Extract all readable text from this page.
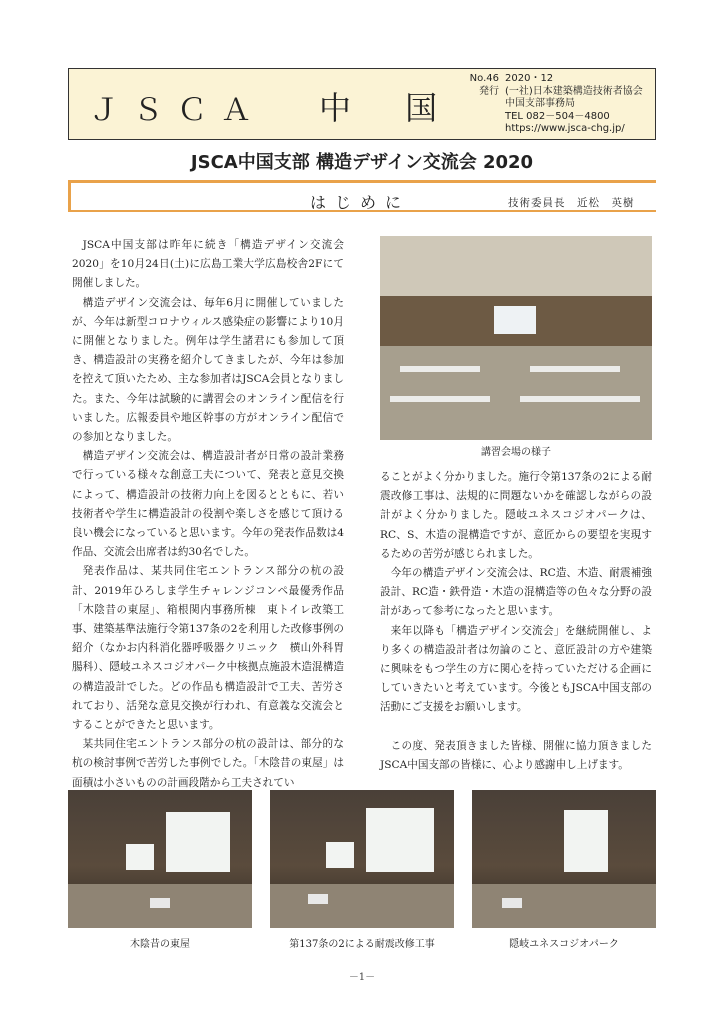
ＪＳＣＡ 中 国
No.46 2020・12
発行 (一社)日本建築構造技術者協会
中国支部事務局
TEL 082－504－4800
https://www.jsca-chg.jp/
JSCA中国支部 構造デザイン交流会 2020
はじめに	技術委員長　近松　英樹

JSCA中国支部は昨年に続き「構造デザイン交流会2020」を10月24日(土)に広島工業大学広島校舎2Fにて開催しました。

構造デザイン交流会は、毎年6月に開催していましたが、今年は新型コロナウィルス感染症の影響により10月に開催となりました。例年は学生諸君にも参加して頂き、構造設計の実務を紹介してきましたが、今年は参加を控えて頂いたため、主な参加者はJSCA会員となりました。また、今年は試験的に講習会のオンライン配信を行いました。広報委員や地区幹事の方がオンライン配信での参加となりました。

構造デザイン交流会は、構造設計者が日常の設計業務で行っている様々な創意工夫について、発表と意見交換によって、構造設計の技術力向上を図るとともに、若い技術者や学生に構造設計の役割や楽しさを感じて頂ける良い機会になっていると思います。今年の発表作品数は4作品、交流会出席者は約30名でした。

発表作品は、某共同住宅エントランス部分の杭の設計、2019年ひろしま学生チャレンジコンペ最優秀作品「木陰昔の東屋」、箱根関内事務所棟　東トイレ改築工事、建築基準法施行令第137条の2を利用した改修事例の紹介（なかお内科消化器呼吸器クリニック　横山外科胃腸科）、隠岐ユネスコジオパーク中核拠点施設木造混構造の構造設計でした。どの作品も構造設計で工夫、苦労されており、活発な意見交換が行われ、有意義な交流会とすることができたと思います。

某共同住宅エントランス部分の杭の設計は、部分的な杭の検討事例で苦労した事例でした。「木陰昔の東屋」は面積は小さいものの計画段階から工夫されてい

講習会場の様子

ることがよく分かりました。施行令第137条の2による耐震改修工事は、法規的に問題ないかを確認しながらの設計がよく分かりました。隠岐ユネスコジオパークは、RC、S、木造の混構造ですが、意匠からの要望を実現するための苦労が感じられました。

今年の構造デザイン交流会は、RC造、木造、耐震補強設計、RC造・鉄骨造・木造の混構造等の色々な分野の設計があって参考になったと思います。

来年以降も「構造デザイン交流会」を継続開催し、より多くの構造設計者は勿論のこと、意匠設計の方や建築に興味をもつ学生の方に関心を持っていただける企画にしていきたいと考えています。今後ともJSCA中国支部の活動にご支援をお願いします。

この度、発表頂きました皆様、開催に協力頂きましたJSCA中国支部の皆様に、心より感謝申し上げます。

木陰昔の東屋	第137条の2による耐震改修工事	隠岐ユネスコジオパーク
－1－
